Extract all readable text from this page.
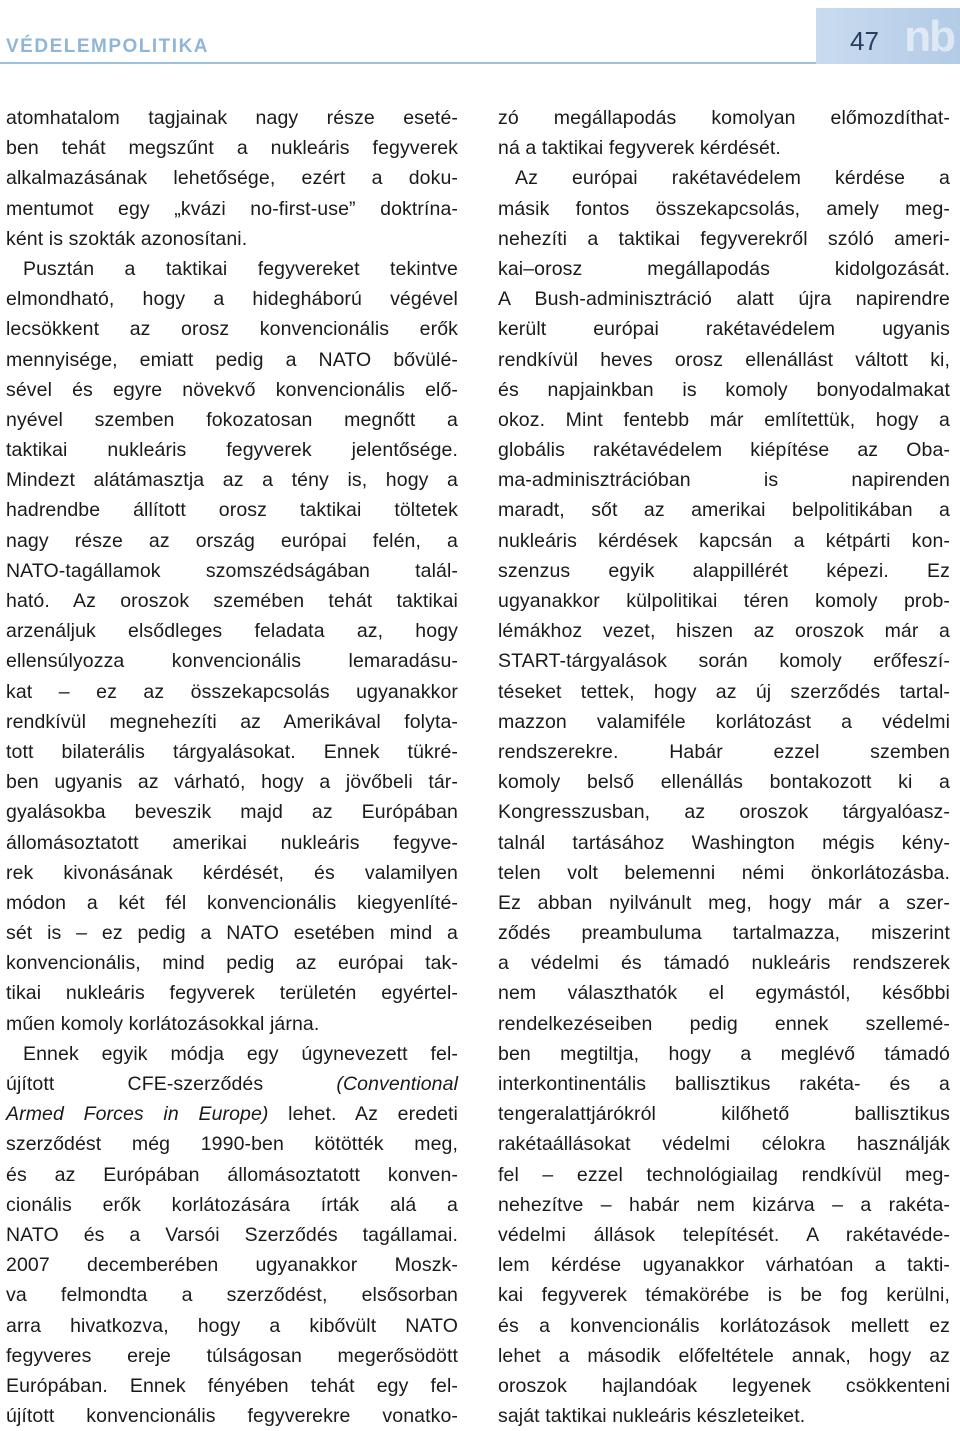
VÉDELEMPOLITIKA	47 nb
atomhatalom tagjainak nagy része eseté-
ben tehát megszűnt a nukleáris fegyverek
alkalmazásának lehetősége, ezért a doku-
mentumot egy „kvázi no-first-use” doktrína-
ként is szokták azonosítani.
Pusztán a taktikai fegyvereket tekintve
elmondható, hogy a hidegháború végével
lecsökkent az orosz konvencionális erők
mennyisége, emiatt pedig a NATO bővülé-
sével és egyre növekvő konvencionális elő-
nyével szemben fokozatosan megnőtt a
taktikai nukleáris fegyverek jelentősége.
Mindezt alátámasztja az a tény is, hogy a
hadrendbe állított orosz taktikai töltetek
nagy része az ország európai felén, a
NATO-tagállamok szomszédságában talál-
ható. Az oroszok szemében tehát taktikai
arzenáljuk elsődleges feladata az, hogy
ellensúlyozza konvencionális lemaradásu-
kat – ez az összekapcsolás ugyanakkor
rendkívül megnehezíti az Amerikával folyta-
tott bilaterális tárgyalásokat. Ennek tükré-
ben ugyanis az várható, hogy a jövőbeli tár-
gyalásokba beveszik majd az Európában
állomásoztatott amerikai nukleáris fegyve-
rek kivonásának kérdését, és valamilyen
módon a két fél konvencionális kiegyenlíté-
sét is – ez pedig a NATO esetében mind a
konvencionális, mind pedig az európai tak-
tikai nukleáris fegyverek területén egyértel-
műen komoly korlátozásokkal járna.
Ennek egyik módja egy úgynevezett fel-
újított CFE-szerződés (Conventional
Armed Forces in Europe) lehet. Az eredeti
szerződést még 1990-ben kötötték meg,
és az Európában állomásoztatott konven-
cionális erők korlátozására írták alá a
NATO és a Varsói Szerződés tagállamai.
2007 decemberében ugyanakkor Moszk-
va felmondta a szerződést, elsősorban
arra hivatkozva, hogy a kibővült NATO
fegyveres ereje túlságosan megerősödött
Európában. Ennek fényében tehát egy fel-
újított konvencionális fegyverekre vonatko-
zó megállapodás komolyan előmozdíthat-
ná a taktikai fegyverek kérdését.
Az európai rakétavédelem kérdése a
másik fontos összekapcsolás, amely meg-
nehezíti a taktikai fegyverekről szóló ameri-
kai–orosz megállapodás kidolgozását.
A Bush-adminisztráció alatt újra napirendre
került európai rakétavédelem ugyanis
rendkívül heves orosz ellenállást váltott ki,
és napjainkban is komoly bonyodalmakat
okoz. Mint fentebb már említettük, hogy a
globális rakétavédelem kiépítése az Oba-
ma-adminisztrációban is napirenden
maradt, sőt az amerikai belpolitikában a
nukleáris kérdések kapcsán a kétpárti kon-
szenzus egyik alappillérét képezi. Ez
ugyanakkor külpolitikai téren komoly prob-
lémákhoz vezet, hiszen az oroszok már a
START-tárgyalások során komoly erőfeszí-
téseket tettek, hogy az új szerződés tartal-
mazzon valamiféle korlátozást a védelmi
rendszerekre. Habár ezzel szemben
komoly belső ellenállás bontakozott ki a
Kongresszusban, az oroszok tárgyalóasz-
talnál tartásához Washington mégis kény-
telen volt belemenni némi önkorlátozásba.
Ez abban nyilvánult meg, hogy már a szer-
ződés preambuluma tartalmazza, miszerint
a védelmi és támadó nukleáris rendszerek
nem választhatók el egymástól, későbbi
rendelkezéseiben pedig ennek szellemé-
ben megtiltja, hogy a meglévő támadó
interkontinentális ballisztikus rakéta- és a
tengeralattjárókról kilőhető ballisztikus
rakétaállásokat védelmi célokra használják
fel – ezzel technológiailag rendkívül meg-
nehezítve – habár nem kizárva – a rakéta-
védelmi állások telepítését. A rakétavéde-
lem kérdése ugyanakkor várhatóan a takti-
kai fegyverek témakörébe is be fog kerülni,
és a konvencionális korlátozások mellett ez
lehet a második előfeltétele annak, hogy az
oroszok hajlandóak legyenek csökkenteni
saját taktikai nukleáris készleteiket.
